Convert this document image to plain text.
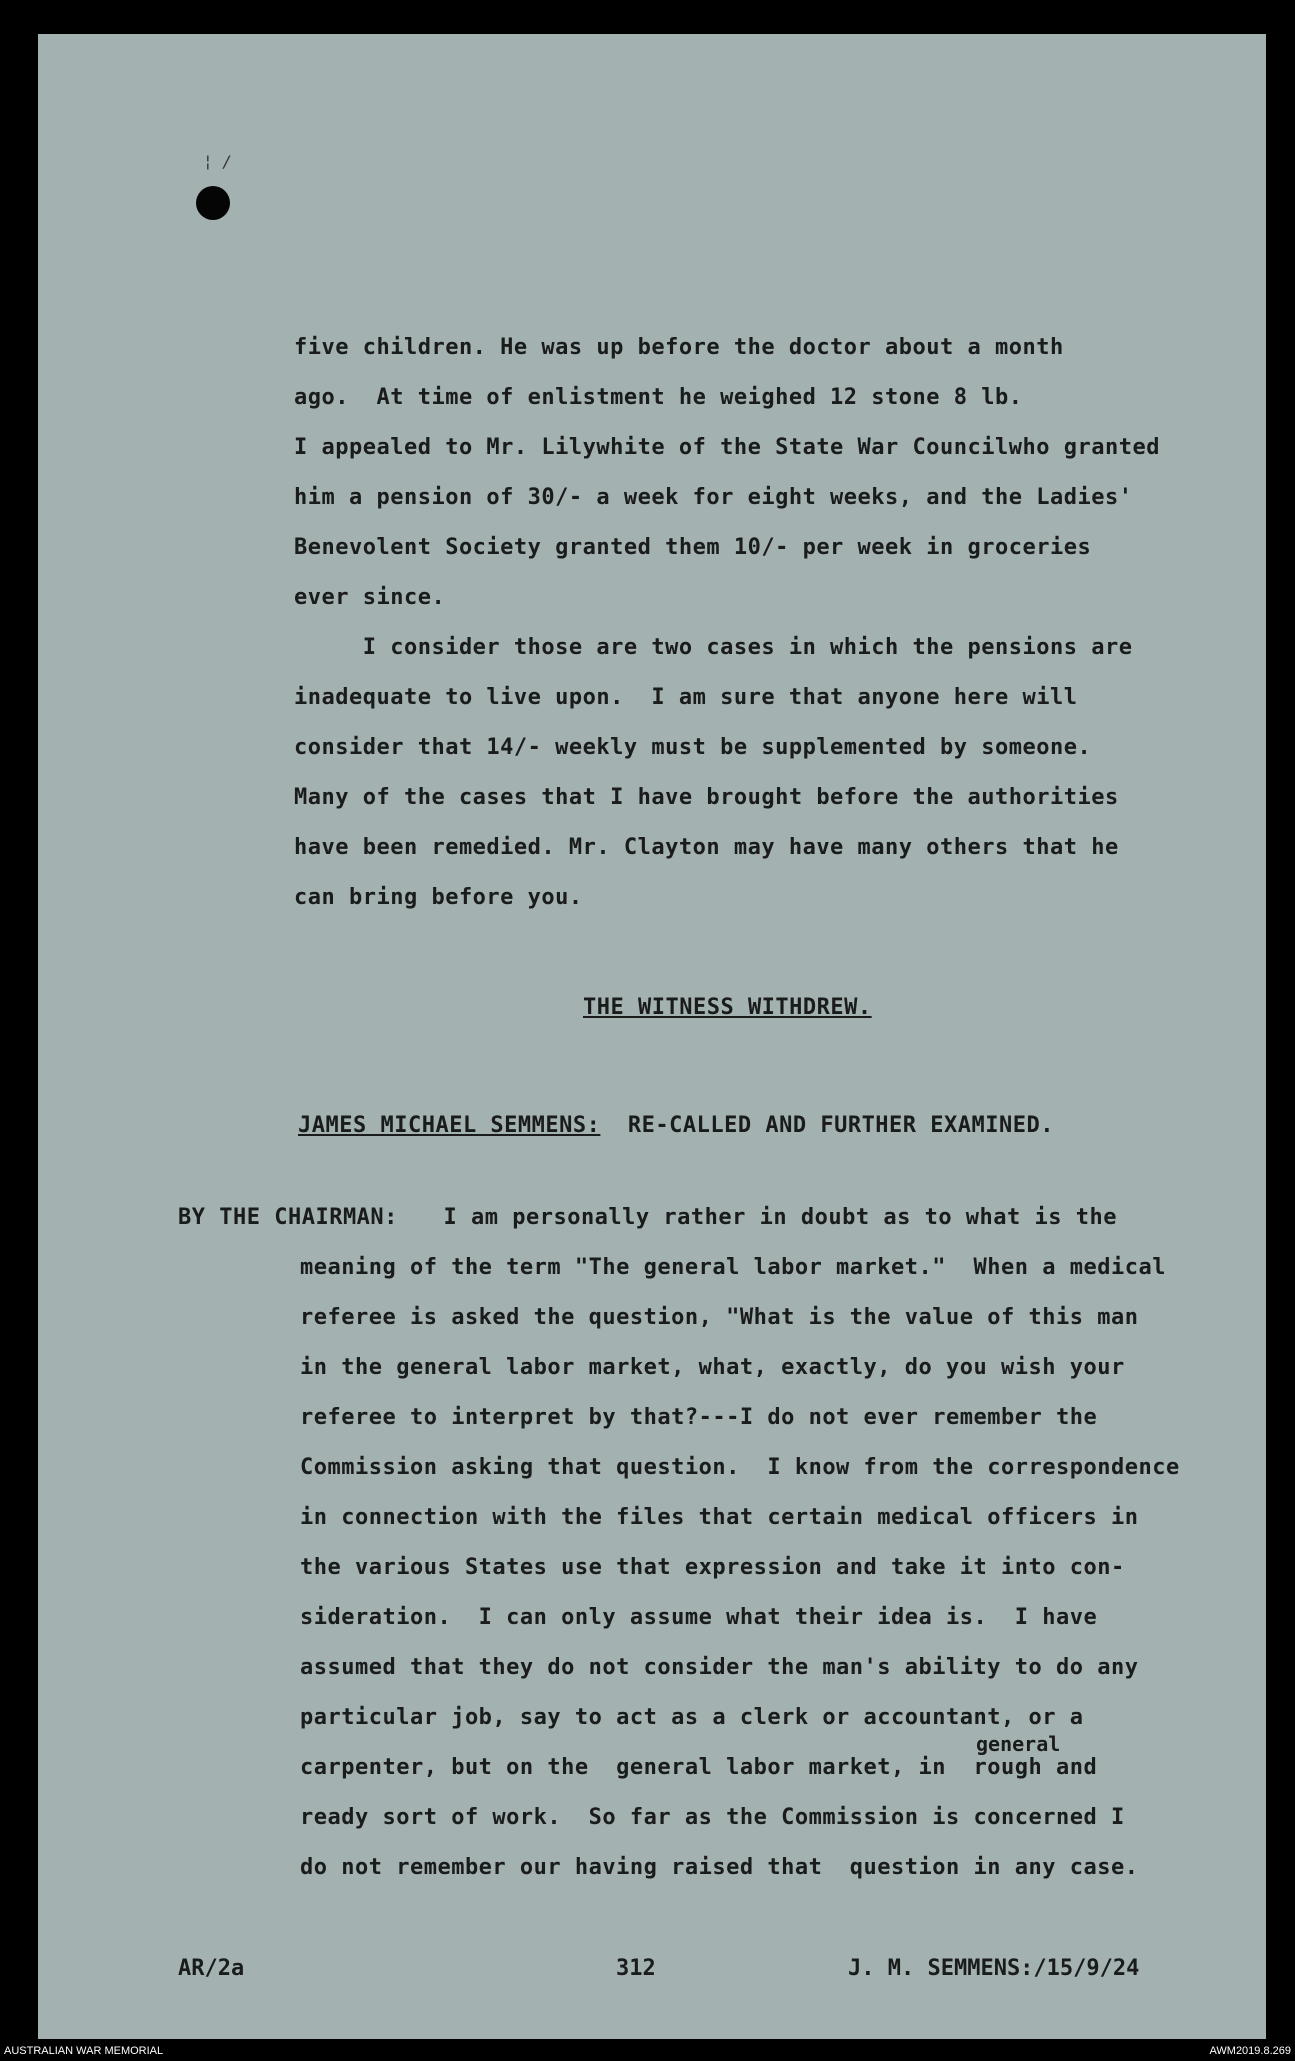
¦ /

five children. He was up before the doctor about a month

ago.  At time of enlistment he weighed 12 stone 8 lb.

I appealed to Mr. Lilywhite of the State War Councilwho granted

him a pension of 30/- a week for eight weeks, and the Ladies'

Benevolent Society granted them 10/- per week in groceries

ever since.

I consider those are two cases in which the pensions are

inadequate to live upon.  I am sure that anyone here will

consider that 14/- weekly must be supplemented by someone.

Many of the cases that I have brought before the authorities

have been remedied. Mr. Clayton may have many others that he

can bring before you.

THE WITNESS WITHDREW.

JAMES MICHAEL SEMMENS:  RE-CALLED AND FURTHER EXAMINED.

BY THE CHAIRMAN: I am personally rather in doubt as to what is the

meaning of the term "The general labor market."  When a medical

referee is asked the question, "What is the value of this man

in the general labor market, what, exactly, do you wish your

referee to interpret by that?---I do not ever remember the

Commission asking that question.  I know from the correspondence

in connection with the files that certain medical officers in

the various States use that expression and take it into con-

sideration.  I can only assume what their idea is.  I have

assumed that they do not consider the man's ability to do any

particular job, say to act as a clerk or accountant, or a

general

carpenter, but on the  general labor market, in  rough and

ready sort of work.  So far as the Commission is concerned I

do not remember our having raised that  question in any case.

AR/2a	312	J. M. SEMMENS:/15/9/24

AUSTRALIAN WAR MEMORIAL	AWM2019.8.269
